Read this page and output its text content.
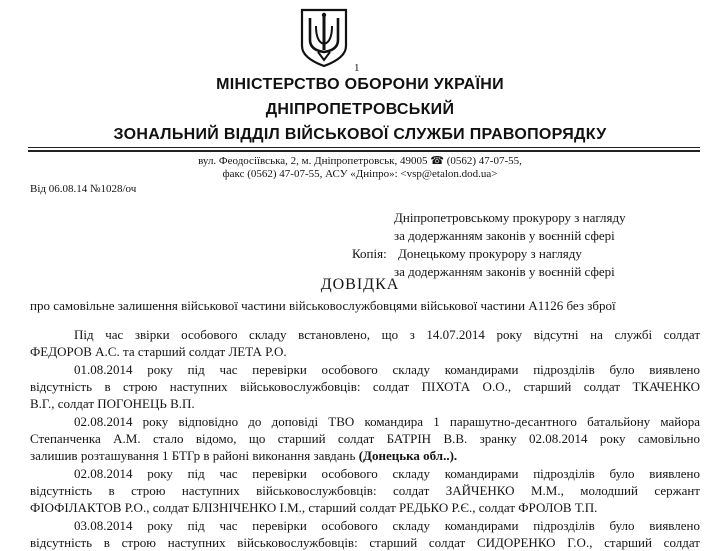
1
МІНІСТЕРСТВО ОБОРОНИ УКРАЇНИ
ДНІПРОПЕТРОВСЬКИЙ
ЗОНАЛЬНИЙ ВІДДІЛ ВІЙСЬКОВОЇ СЛУЖБИ ПРАВОПОРЯДКУ
вул. Феодосіївська, 2, м. Дніпропетровськ, 49005 ☎ (0562) 47-07-55,
факс (0562) 47-07-55, АСУ «Дніпро»: <vsp@etalon.dod.ua>
Від 06.08.14 №1028/оч
Дніпропетровському прокурору з нагляду
за додержанням законів у воєнній сфері
Копія: Донецькому прокурору з нагляду
за додержанням законів у воєнній сфері
ДОВІДКА
про самовільне залишення військової частини військовослужбовцями військової частини А1126 без зброї
Під час звірки особового складу встановлено, що з 14.07.2014 року відсутні на службі солдат
ФЕДОРОВ А.С. та старший солдат ЛЕТА Р.О.
01.08.2014 року під час перевірки особового складу командирами підрозділів було виявлено
відсутність в строю наступних військовослужбовців: солдат ПІХОТА О.О., старший солдат ТКАЧЕНКО
В.Г., солдат ПОГОНЕЦЬ В.П.
02.08.2014 року відповідно до доповіді ТВО командира 1 парашутно-десантного батальйону майора
Степанченка А.М. стало відомо, що старший солдат БАТРІН В.В. зранку 02.08.2014 року самовільно
залишив розташування 1 БТГр в районі виконання завдань (Донецька обл..).
02.08.2014 року під час перевірки особового складу командирами підрозділів було виявлено
відсутність в строю наступних військовослужбовців: солдат ЗАЙЧЕНКО М.М., молодший сержант
ФІОФІЛАКТОВ Р.О., солдат БЛІЗНІЧЕНКО І.М., старший солдат РЕДЬКО Р.Є., солдат ФРОЛОВ Т.П.
03.08.2014 року під час перевірки особового складу командирами підрозділів було виявлено
відсутність в строю наступних військовослужбовців: старший солдат СИДОРЕНКО Г.О., старший солдат
